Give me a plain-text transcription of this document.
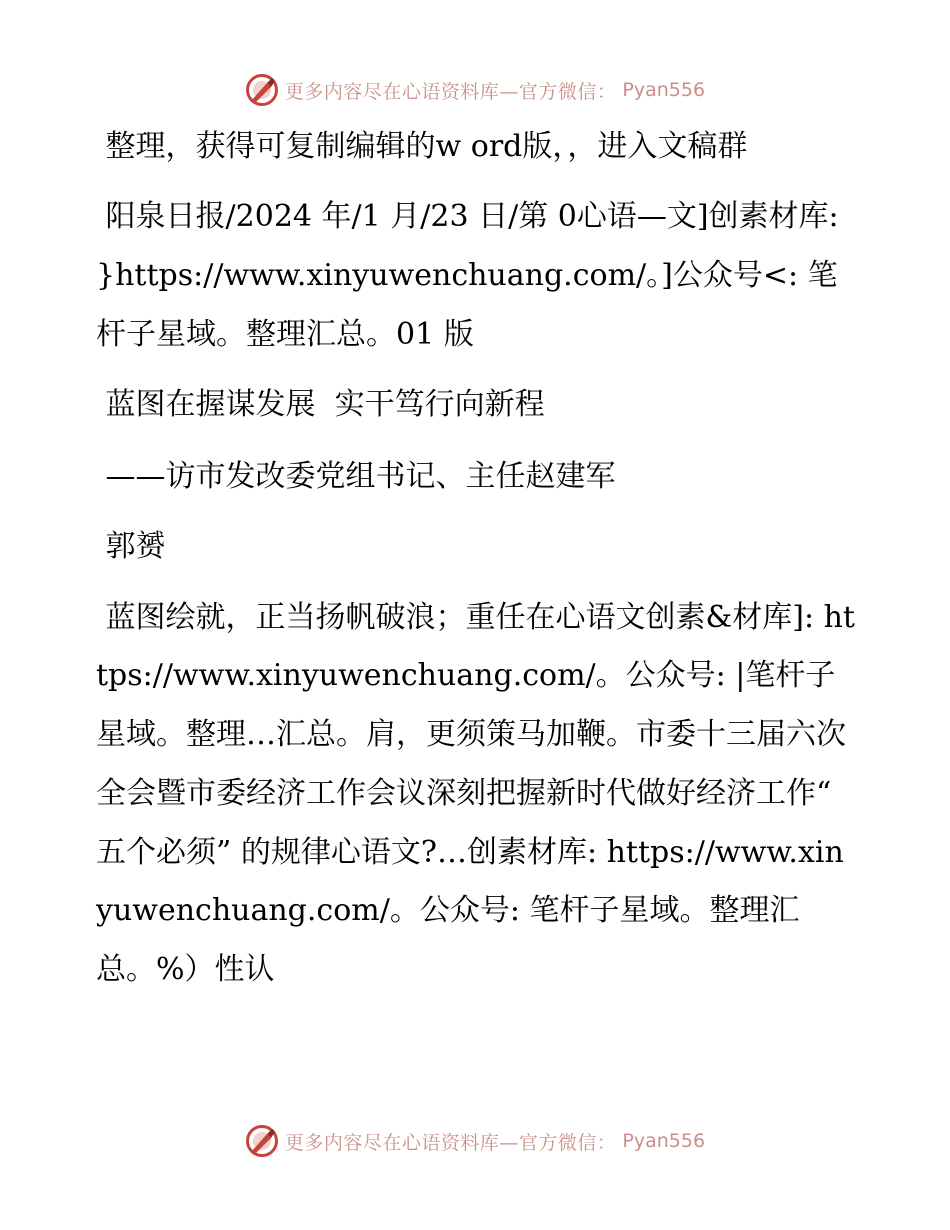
更多内容尽在心语资料库—官方微信： Pyan556
整理，获得可复制编辑的w ord版，，进入文稿群
阳泉日报/2024 年/1 月/23 日/第 0心语—文]创素材库: }https://www.xinyuwenchuang.com/。]公众号<: 笔杆子星域。整理汇总。01 版
蓝图在握谋发展  实干笃行向新程
——访市发改委党组书记、主任赵建军
郭赟
蓝图绘就，正当扬帆破浪；重任在心语文创素&材库]: https://www.xinyuwenchuang.com/。公众号: |笔杆子星域。整理…汇总。肩，更须策马加鞭。市委十三届六次全会暨市委经济工作会议深刻把握新时代做好经济工作“ 五个必须” 的规律心语文?…创素材库: https://www.xinyuwenchuang.com/。公众号: 笔杆子星域。整理汇总。%）性认
更多内容尽在心语资料库—官方微信： Pyan556
